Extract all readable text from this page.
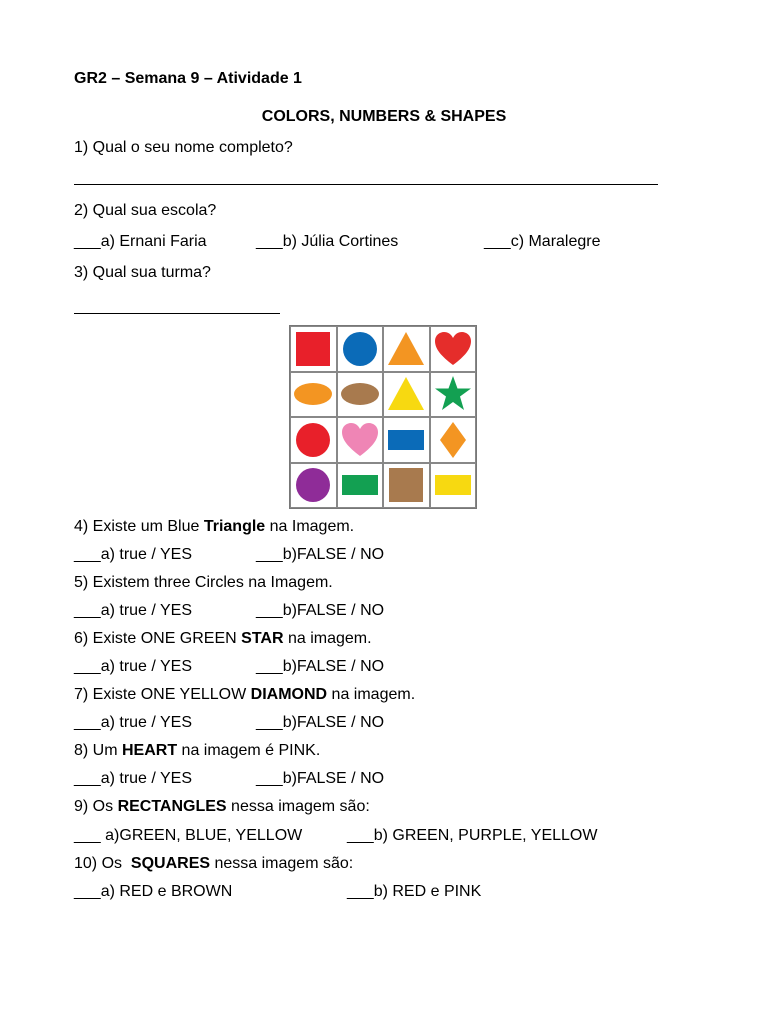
GR2 – Semana 9 – Atividade 1
COLORS, NUMBERS & SHAPES
1) Qual o seu nome completo?
2) Qual sua escola?
___a) Ernani Faria	___b) Júlia Cortines	___c) Maralegre
3) Qual sua turma?
4) Existe um Blue Triangle na Imagem.
___a) true / YES	___b)FALSE / NO
5) Existem three Circles na Imagem.
___a) true / YES	___b)FALSE / NO
6) Existe ONE GREEN STAR na imagem.
___a) true / YES	___b)FALSE / NO
7) Existe ONE YELLOW DIAMOND na imagem.
___a) true / YES	___b)FALSE / NO
8) Um HEART na imagem é PINK.
___a) true / YES	___b)FALSE / NO
9) Os RECTANGLES nessa imagem são:
___ a)GREEN, BLUE, YELLOW	___b) GREEN, PURPLE, YELLOW
10) Os  SQUARES nessa imagem são:
___a) RED e BROWN	___b) RED e PINK
